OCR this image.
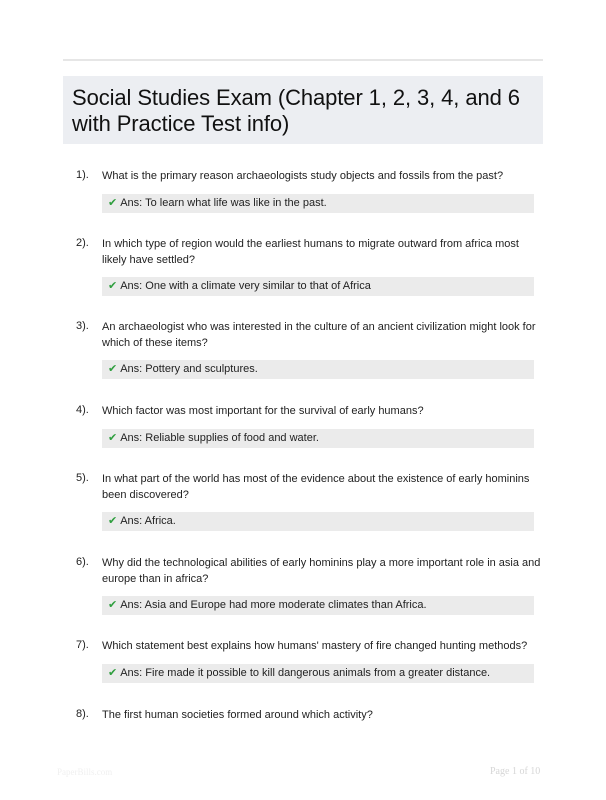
Social Studies Exam (Chapter 1, 2, 3, 4, and 6 with Practice Test info)
1). What is the primary reason archaeologists study objects and fossils from the past?
✔ Ans: To learn what life was like in the past.
2). In which type of region would the earliest humans to migrate outward from africa most likely have settled?
✔ Ans: One with a climate very similar to that of Africa
3). An archaeologist who was interested in the culture of an ancient civilization might look for which of these items?
✔ Ans: Pottery and sculptures.
4). Which factor was most important for the survival of early humans?
✔ Ans: Reliable supplies of food and water.
5). In what part of the world has most of the evidence about the existence of early hominins been discovered?
✔ Ans: Africa.
6). Why did the technological abilities of early hominins play a more important role in asia and europe than in africa?
✔ Ans: Asia and Europe had more moderate climates than Africa.
7). Which statement best explains how humans' mastery of fire changed hunting methods?
✔ Ans: Fire made it possible to kill dangerous animals from a greater distance.
8). The first human societies formed around which activity?
PaperBills.com	Page 1 of 10
